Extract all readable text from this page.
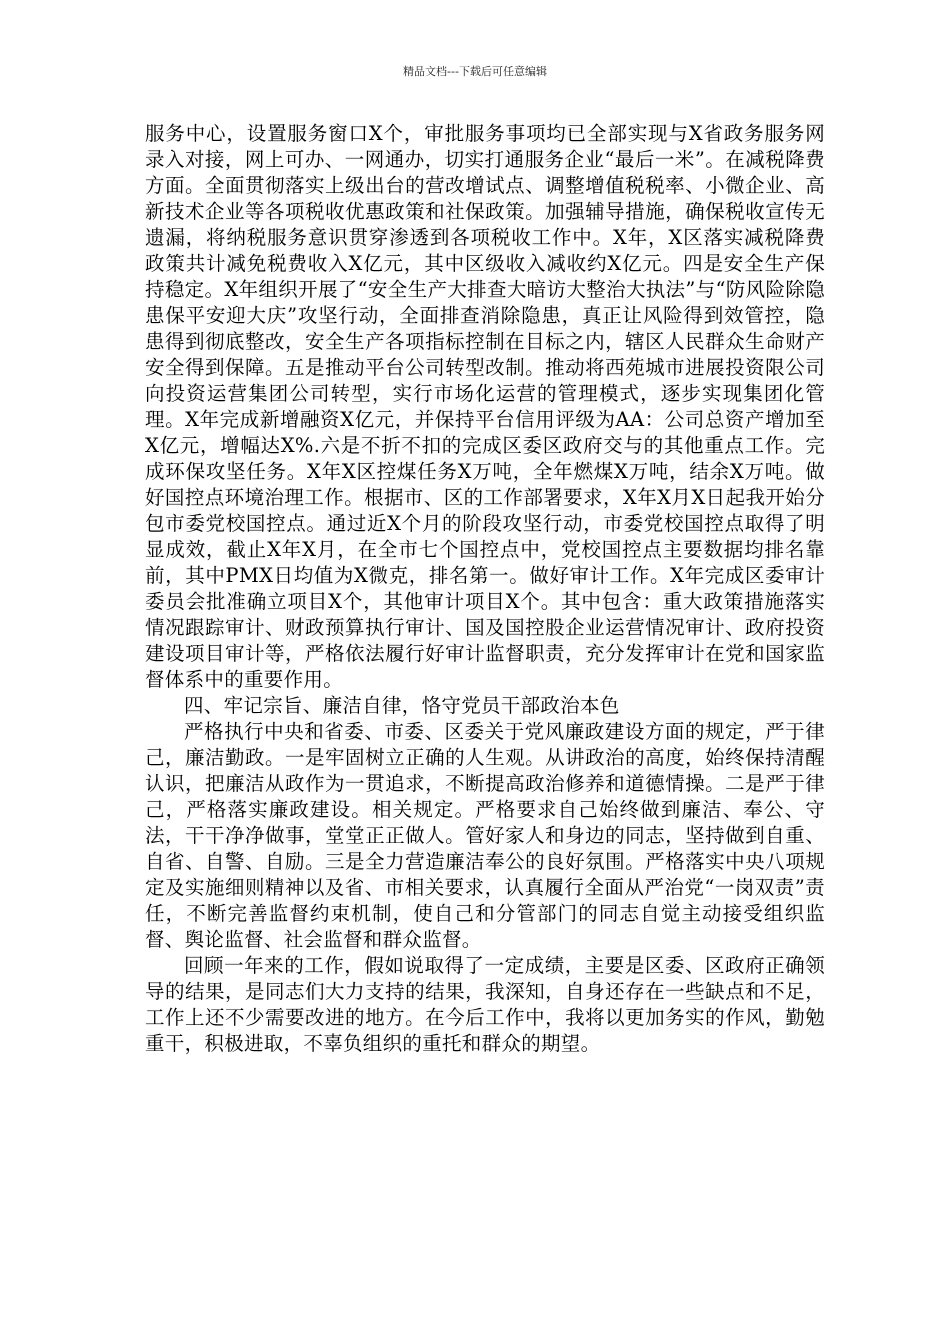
精品文档---下载后可任意编辑

服务中心，设置服务窗口X个，审批服务事项均已全部实现与X省政务服务网录入对接，网上可办、一网通办，切实打通服务企业“最后一米”。在减税降费方面。全面贯彻落实上级出台的营改增试点、调整增值税税率、小微企业、高新技术企业等各项税收优惠政策和社保政策。加强辅导措施，确保税收宣传无遗漏，将纳税服务意识贯穿渗透到各项税收工作中。X年，X区落实减税降费政策共计减免税费收入X亿元，其中区级收入减收约X亿元。四是安全生产保持稳定。X年组织开展了“安全生产大排查大暗访大整治大执法”与“防风险除隐患保平安迎大庆”攻坚行动，全面排查消除隐患，真正让风险得到效管控，隐患得到彻底整改，安全生产各项指标控制在目标之内，辖区人民群众生命财产安全得到保障。五是推动平台公司转型改制。推动将西苑城市进展投资限公司向投资运营集团公司转型，实行市场化运营的管理模式，逐步实现集团化管理。X年完成新增融资X亿元，并保持平台信用评级为AA：公司总资产增加至X亿元，增幅达X%.六是不折不扣的完成区委区政府交与的其他重点工作。完成环保攻坚任务。X年X区控煤任务X万吨，全年燃煤X万吨，结余X万吨。做好国控点环境治理工作。根据市、区的工作部署要求，X年X月X日起我开始分包市委党校国控点。通过近X个月的阶段攻坚行动，市委党校国控点取得了明显成效，截止X年X月，在全市七个国控点中，党校国控点主要数据均排名靠前，其中PMX日均值为X微克，排名第一。做好审计工作。X年完成区委审计委员会批准确立项目X个，其他审计项目X个。其中包含：重大政策措施落实情况跟踪审计、财政预算执行审计、国及国控股企业运营情况审计、政府投资建设项目审计等，严格依法履行好审计监督职责，充分发挥审计在党和国家监督体系中的重要作用。

四、牢记宗旨、廉洁自律，恪守党员干部政治本色

严格执行中央和省委、市委、区委关于党风廉政建设方面的规定，严于律己，廉洁勤政。一是牢固树立正确的人生观。从讲政治的高度，始终保持清醒认识，把廉洁从政作为一贯追求，不断提高政治修养和道德情操。二是严于律己，严格落实廉政建设。相关规定。严格要求自己始终做到廉洁、奉公、守法，干干净净做事，堂堂正正做人。管好家人和身边的同志，坚持做到自重、自省、自警、自励。三是全力营造廉洁奉公的良好氛围。严格落实中央八项规定及实施细则精神以及省、市相关要求，认真履行全面从严治党“一岗双责”责任，不断完善监督约束机制，使自己和分管部门的同志自觉主动接受组织监督、舆论监督、社会监督和群众监督。

回顾一年来的工作，假如说取得了一定成绩，主要是区委、区政府正确领导的结果，是同志们大力支持的结果，我深知，自身还存在一些缺点和不足，工作上还不少需要改进的地方。在今后工作中，我将以更加务实的作风，勤勉重干，积极进取，不辜负组织的重托和群众的期望。
